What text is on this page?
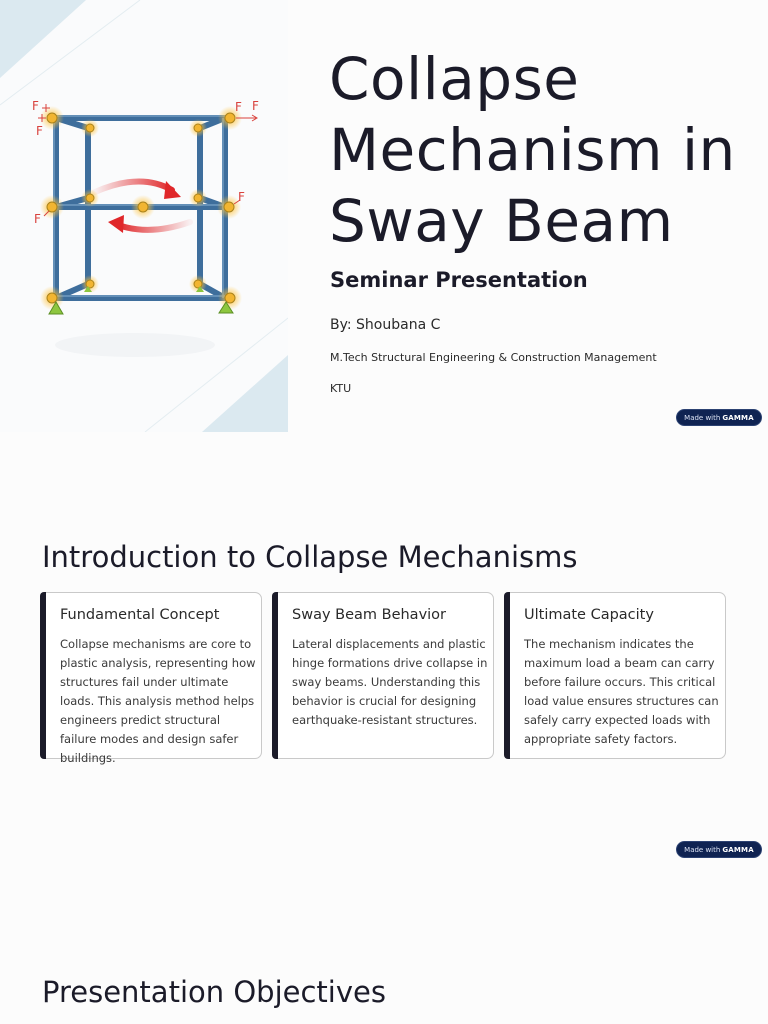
F
F
F F
F
F
Collapse Mechanism in Sway Beam
Seminar Presentation
By: Shoubana C
M.Tech Structural Engineering & Construction Management
KTU
Made with GAMMA
Introduction to Collapse Mechanisms
Fundamental Concept

Collapse mechanisms are core to plastic analysis, representing how structures fail under ultimate loads. This analysis method helps engineers predict structural failure modes and design safer buildings.

Sway Beam Behavior

Lateral displacements and plastic hinge formations drive collapse in sway beams. Understanding this behavior is crucial for designing earthquake-resistant structures.

Ultimate Capacity

The mechanism indicates the maximum load a beam can carry before failure occurs. This critical load value ensures structures can safely carry expected loads with appropriate safety factors.

Made with GAMMA
Presentation Objectives
